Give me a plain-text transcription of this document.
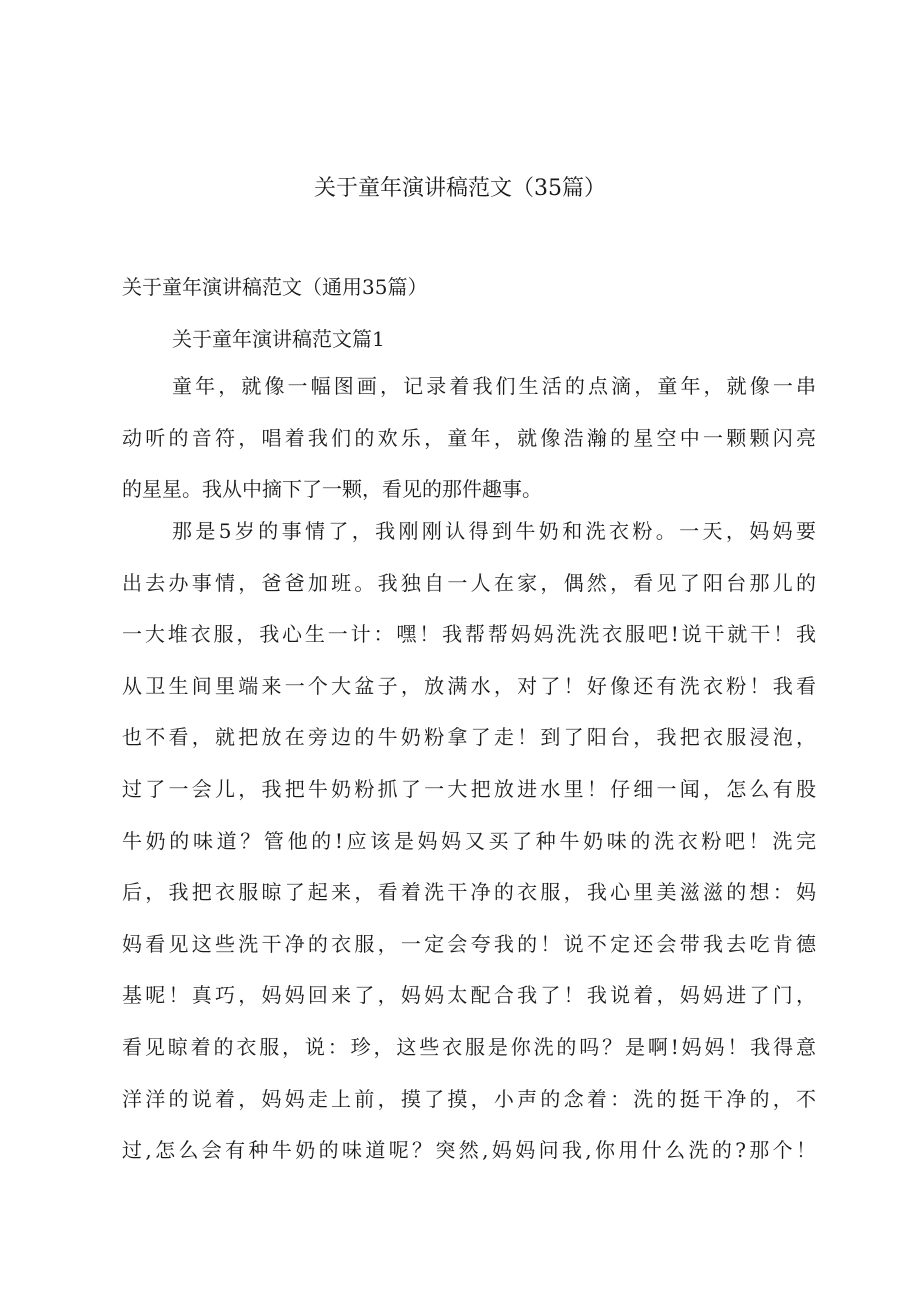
关于童年演讲稿范文（35篇）

关于童年演讲稿范文（通用35篇）

关于童年演讲稿范文篇1

童年，就像一幅图画，记录着我们生活的点滴，童年，就像一串
动听的音符，唱着我们的欢乐，童年，就像浩瀚的星空中一颗颗闪亮
的星星。我从中摘下了一颗，看见的那件趣事。
那是5岁的事情了，我刚刚认得到牛奶和洗衣粉。一天，妈妈要
出去办事情，爸爸加班。我独自一人在家，偶然，看见了阳台那儿的
一大堆衣服，我心生一计：嘿！我帮帮妈妈洗洗衣服吧!说干就干！我
从卫生间里端来一个大盆子，放满水，对了！好像还有洗衣粉！我看
也不看，就把放在旁边的牛奶粉拿了走！到了阳台，我把衣服浸泡，
过了一会儿，我把牛奶粉抓了一大把放进水里！仔细一闻，怎么有股
牛奶的味道？管他的!应该是妈妈又买了种牛奶味的洗衣粉吧！洗完
后，我把衣服晾了起来，看着洗干净的衣服，我心里美滋滋的想：妈
妈看见这些洗干净的衣服，一定会夸我的！说不定还会带我去吃肯德
基呢！真巧，妈妈回来了，妈妈太配合我了！我说着，妈妈进了门，
看见晾着的衣服，说：珍，这些衣服是你洗的吗？是啊!妈妈！我得意
洋洋的说着，妈妈走上前，摸了摸，小声的念着：洗的挺干净的，不
过,怎么会有种牛奶的味道呢？突然,妈妈问我,你用什么洗的?那个！
